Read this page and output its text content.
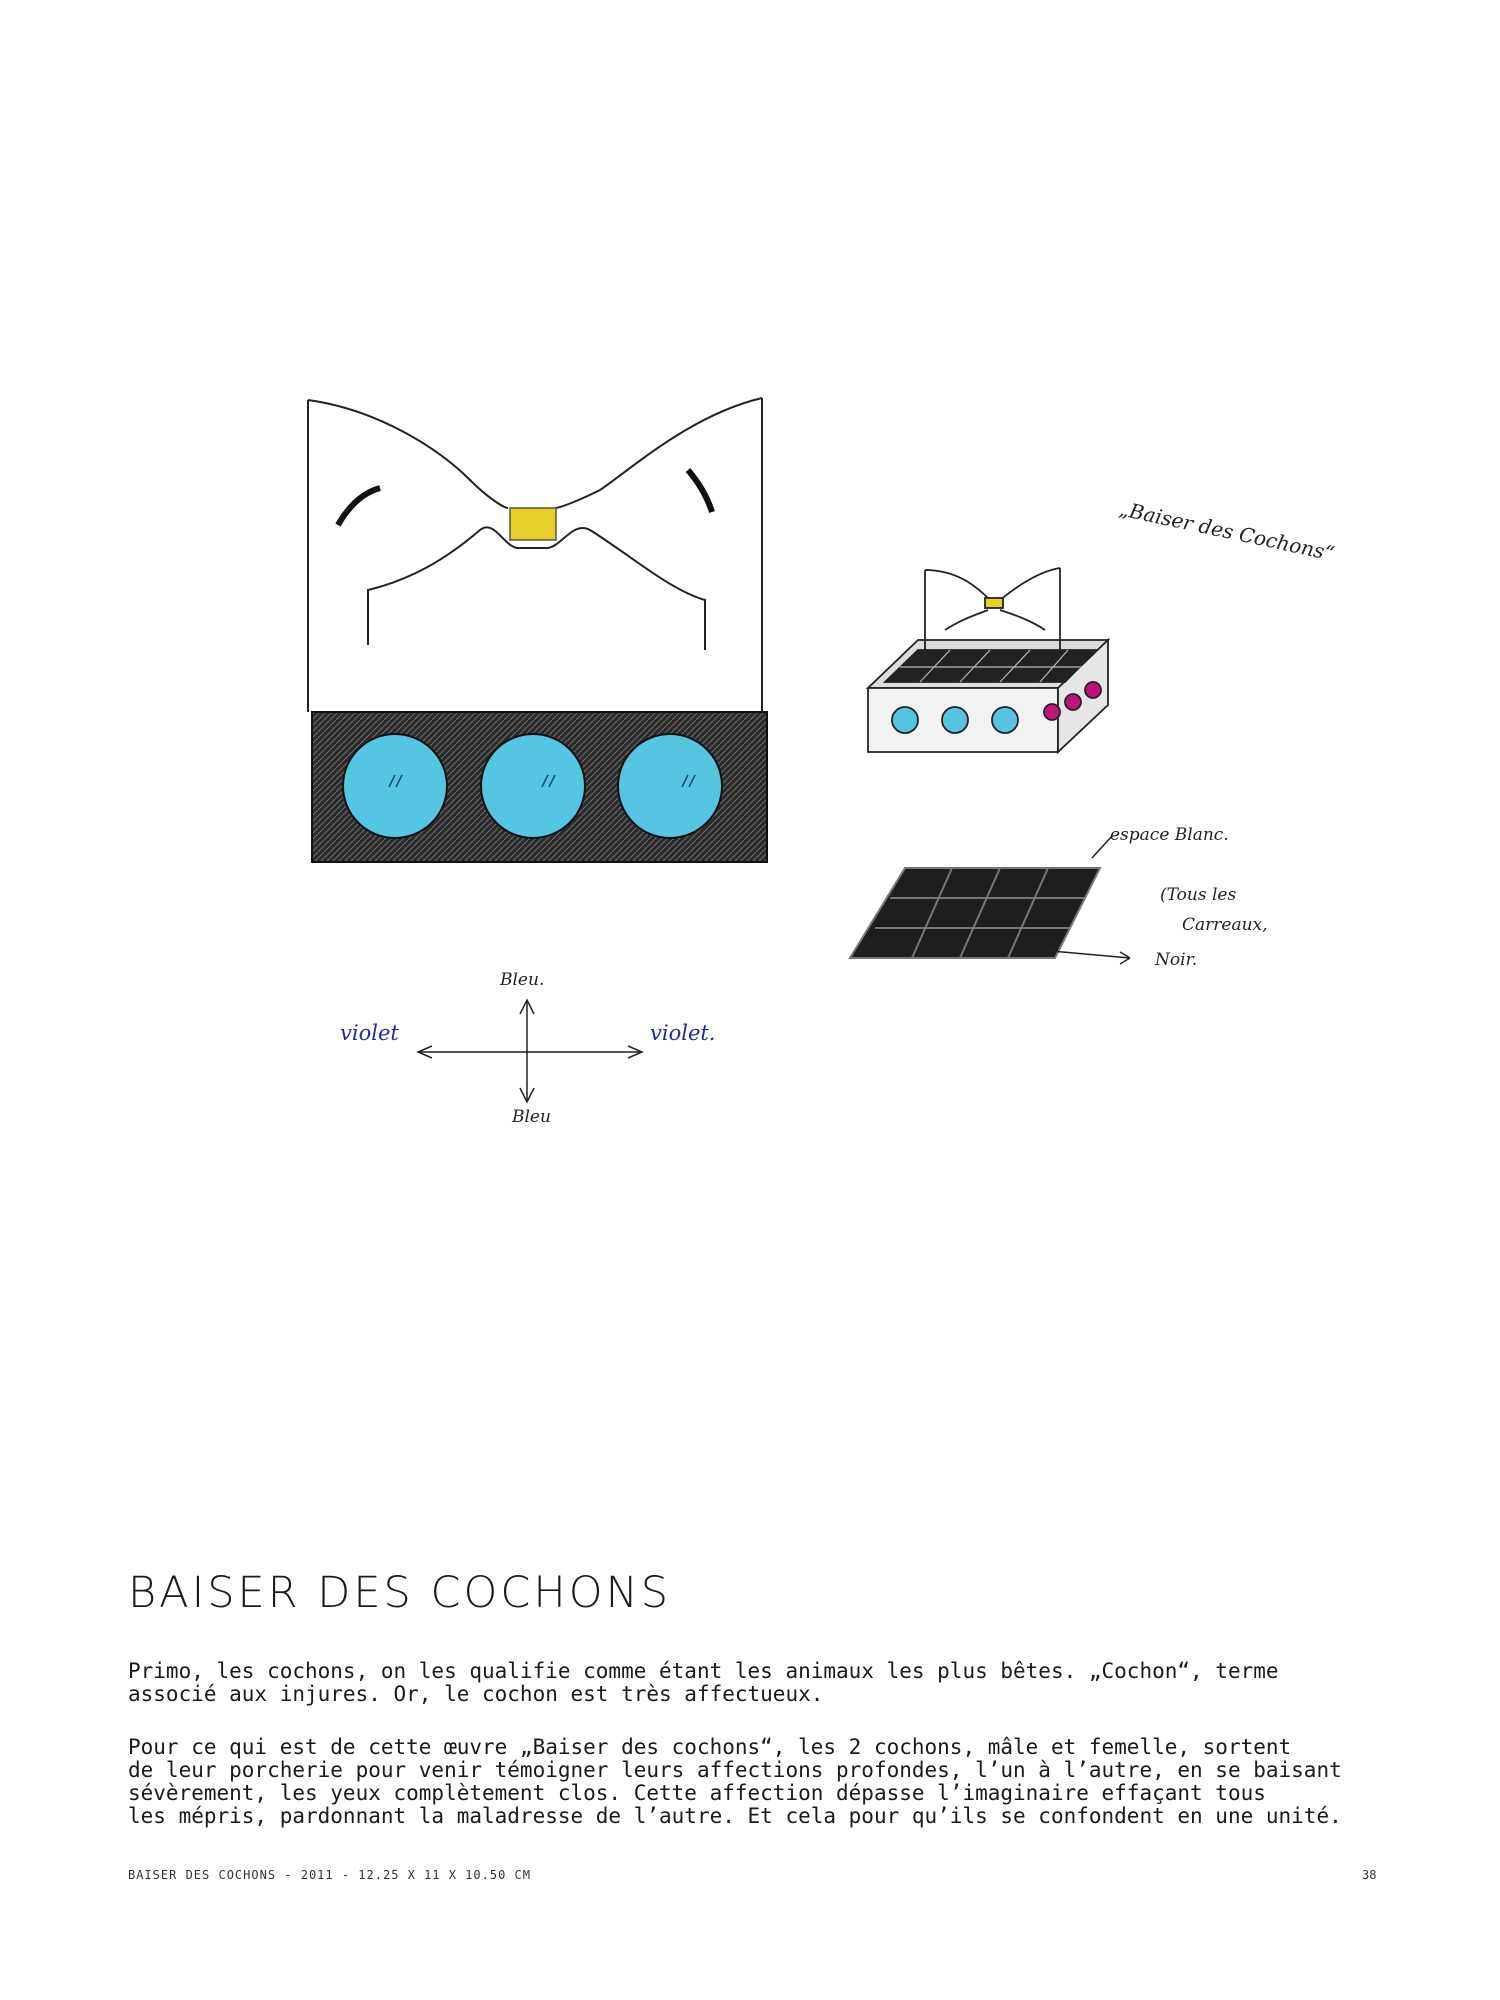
„Baiser des Cochons“
espace Blanc.
(Tous les
Carreaux,
Noir.
Bleu.
Bleu
violet	violet.
BAISER DES COCHONS

Primo, les cochons, on les qualifie comme étant les animaux les plus bêtes. „Cochon“, terme
associé aux injures. Or, le cochon est très affectueux.

Pour ce qui est de cette œuvre „Baiser des cochons“, les 2 cochons, mâle et femelle, sortent
de leur porcherie pour venir témoigner leurs affections profondes, l’un à l’autre, en se baisant
sévèrement, les yeux complètement clos. Cette affection dépasse l’imaginaire effaçant tous
les mépris, pardonnant la maladresse de l’autre. Et cela pour qu’ils se confondent en une unité.

BAISER DES COCHONS - 2011 - 12.25 X 11 X 10.50 CM	38
